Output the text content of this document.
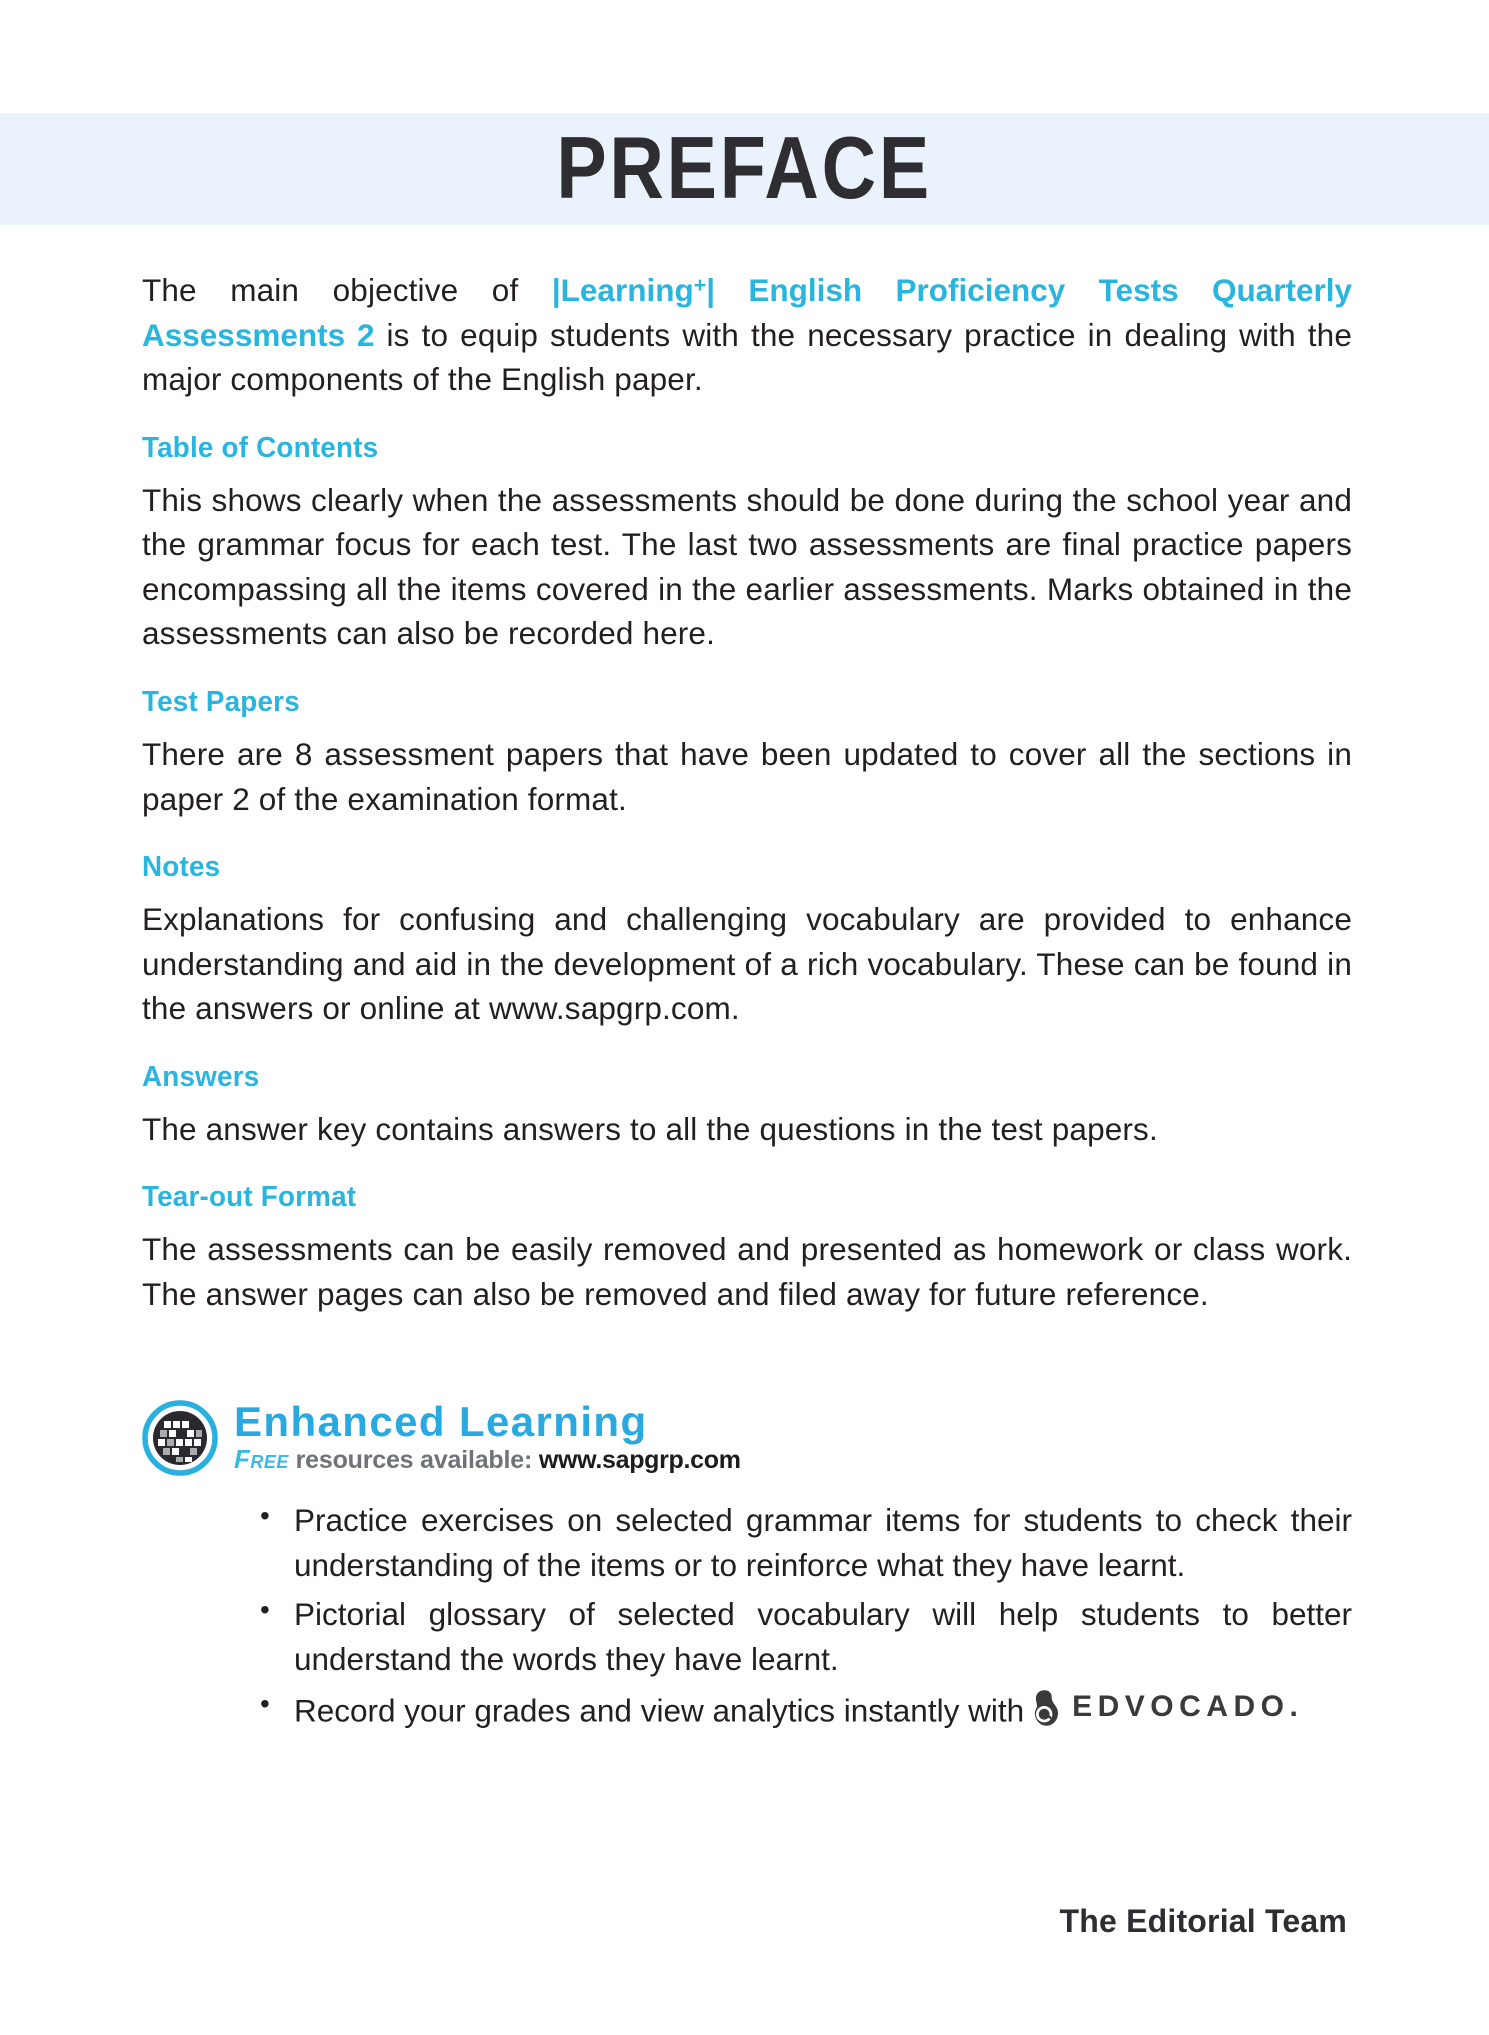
PREFACE

The main objective of |Learning+| English Proficiency Tests Quarterly Assessments 2 is to equip students with the necessary practice in dealing with the major components of the English paper.

Table of Contents

This shows clearly when the assessments should be done during the school year and the grammar focus for each test. The last two assessments are final practice papers encompassing all the items covered in the earlier assessments. Marks obtained in the assessments can also be recorded here.

Test Papers

There are 8 assessment papers that have been updated to cover all the sections in paper 2 of the examination format.

Notes

Explanations for confusing and challenging vocabulary are provided to enhance understanding and aid in the development of a rich vocabulary. These can be found in the answers or online at www.sapgrp.com.

Answers

The answer key contains answers to all the questions in the test papers.

Tear-out Format

The assessments can be easily removed and presented as homework or class work. The answer pages can also be removed and filed away for future reference.

Enhanced Learning
Free resources available: www.sapgrp.com
• Practice exercises on selected grammar items for students to check their understanding of the items or to reinforce what they have learnt.
• Pictorial glossary of selected vocabulary will help students to better understand the words they have learnt.
• Record your grades and view analytics instantly with EDVOCADO.
The Editorial Team
